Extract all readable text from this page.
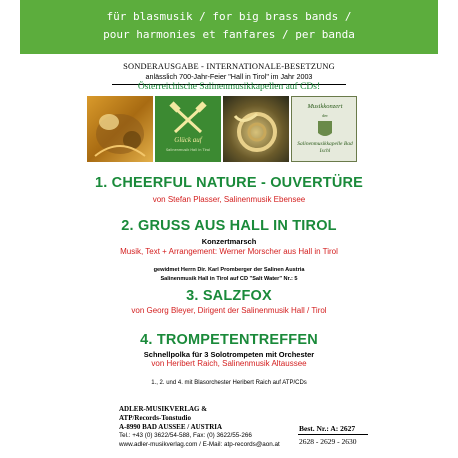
für blasmusik / for big brass bands /
pour harmonies et fanfares / per banda
SONDERAUSGABE - INTERNATIONALE-BESETZUNG
anlässlich 700-Jahr-Feier "Hall in Tirol" im Jahr 2003
Österreichische Salinenmusikkapellen auf CDs!
Glück auf
Salinenmusik Hall in Tirol
Musikkonzert
der
Salinenmusikkapelle Bad Ischl
1. CHEERFUL NATURE - OUVERTÜRE
von Stefan Plasser, Salinenmusik Ebensee
2. GRUSS AUS HALL IN TIROL
Konzertmarsch
Musik, Text + Arrangement: Werner Morscher aus Hall in Tirol
gewidmet Herrn Dir. Karl Promberger der Salinen Austria
Salinenmusik Hall in Tirol auf CD "Salt Water" Nr.: 5
3. SALZFOX
von Georg Bleyer, Dirigent der Salinenmusik Hall / Tirol
4. TROMPETENTREFFEN
Schnellpolka für 3 Solotrompeten mit Orchester
von Heribert Raich, Salinenmusik Altaussee
1., 2. und 4. mit Blasorchester Heribert Raich auf ATP/CDs
ADLER-MUSIKVERLAG &
ATP/Records-Tonstudio
A-8990 BAD AUSSEE / AUSTRIA
Tel.: +43 (0) 3622/54-588, Fax: (0) 3622/55-266
www.adler-musikverlag.com / E-Mail: atp-records@aon.at
Best. Nr.: A: 2627
2628 - 2629 - 2630
